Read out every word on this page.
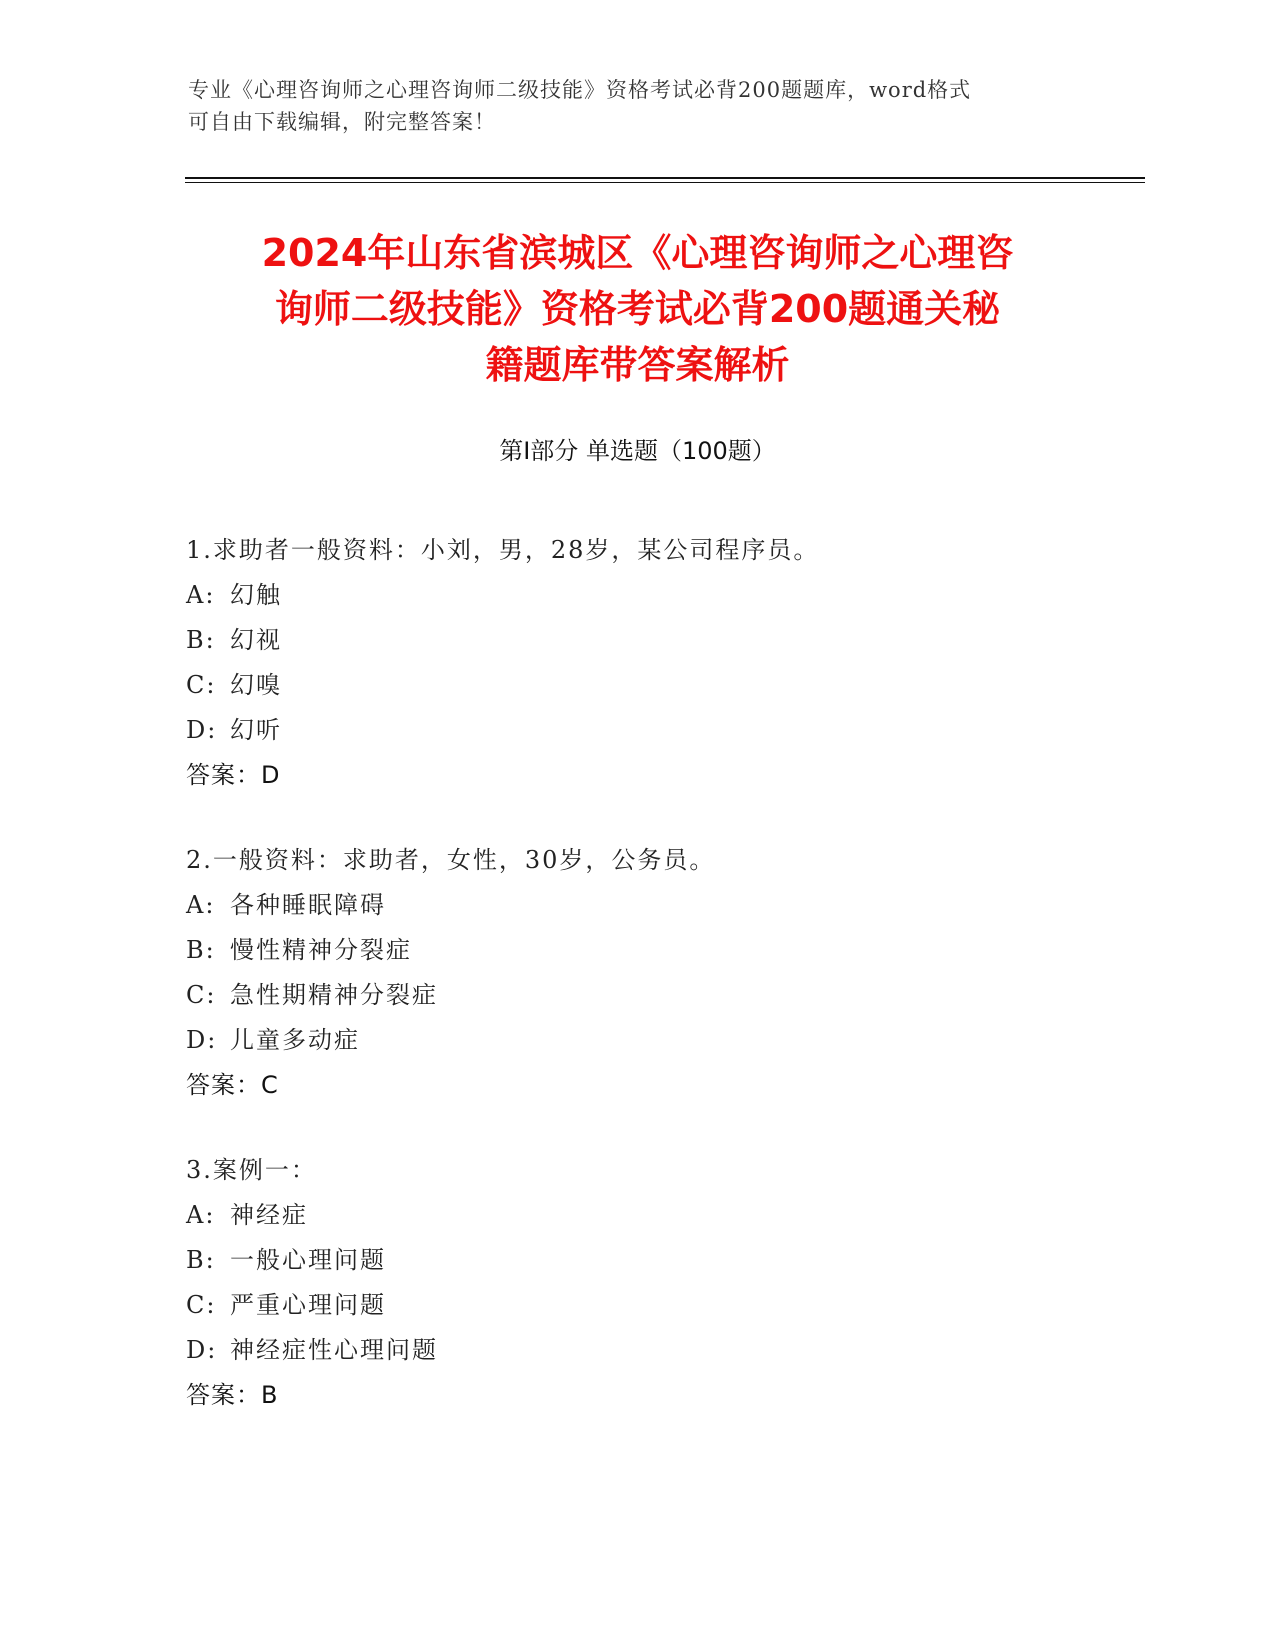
专业《心理咨询师之心理咨询师二级技能》资格考试必背200题题库，word格式
可自由下载编辑，附完整答案！
2024年山东省滨城区《心理咨询师之心理咨
询师二级技能》资格考试必背200题通关秘
籍题库带答案解析
第Ⅰ部分 单选题（100题）
1.求助者一般资料：小刘，男，28岁，某公司程序员。
A: 幻触
B: 幻视
C: 幻嗅
D: 幻听
答案：D
2.一般资料：求助者，女性，30岁，公务员。
A: 各种睡眠障碍
B: 慢性精神分裂症
C: 急性期精神分裂症
D: 儿童多动症
答案：C
3.案例一：
A: 神经症
B: 一般心理问题
C: 严重心理问题
D: 神经症性心理问题
答案：B
